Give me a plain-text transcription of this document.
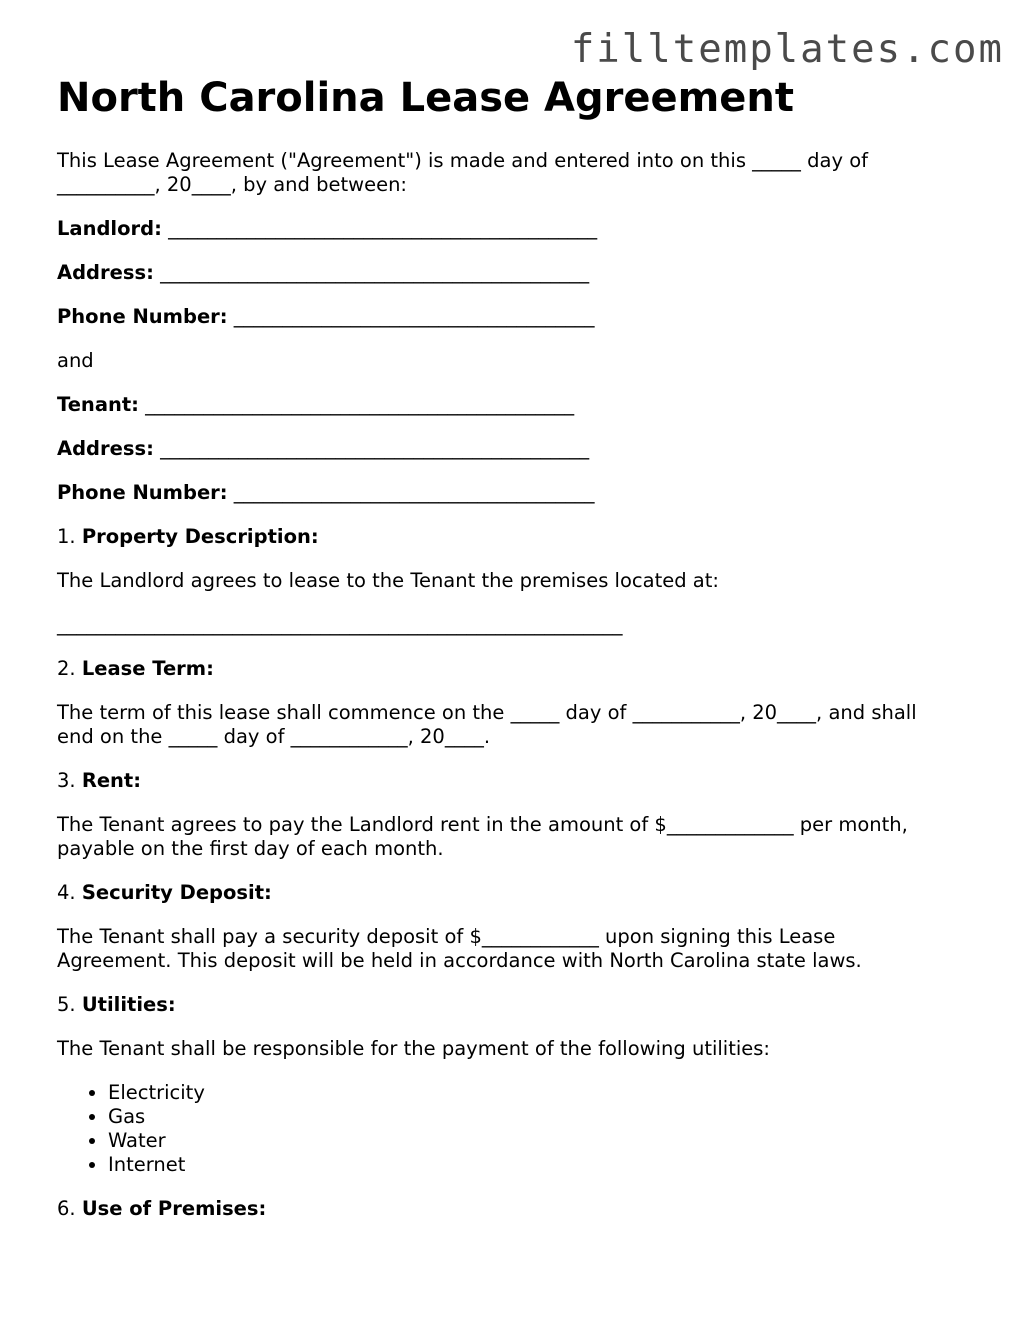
filltemplates.com
North Carolina Lease Agreement

This Lease Agreement ("Agreement") is made and entered into on this _____ day of
__________, 20____, by and between:

Landlord: ____________________________________________

Address: ____________________________________________

Phone Number: _____________________________________

and

Tenant: ____________________________________________

Address: ____________________________________________

Phone Number: _____________________________________

1. Property Description:

The Landlord agrees to lease to the Tenant the premises located at:

__________________________________________________________

2. Lease Term:

The term of this lease shall commence on the _____ day of ___________, 20____, and shall
end on the _____ day of ____________, 20____.

3. Rent:

The Tenant agrees to pay the Landlord rent in the amount of $_____________ per month,
payable on the first day of each month.

4. Security Deposit:

The Tenant shall pay a security deposit of $____________ upon signing this Lease
Agreement. This deposit will be held in accordance with North Carolina state laws.

5. Utilities:

The Tenant shall be responsible for the payment of the following utilities:

• Electricity
• Gas
• Water
• Internet

6. Use of Premises:
